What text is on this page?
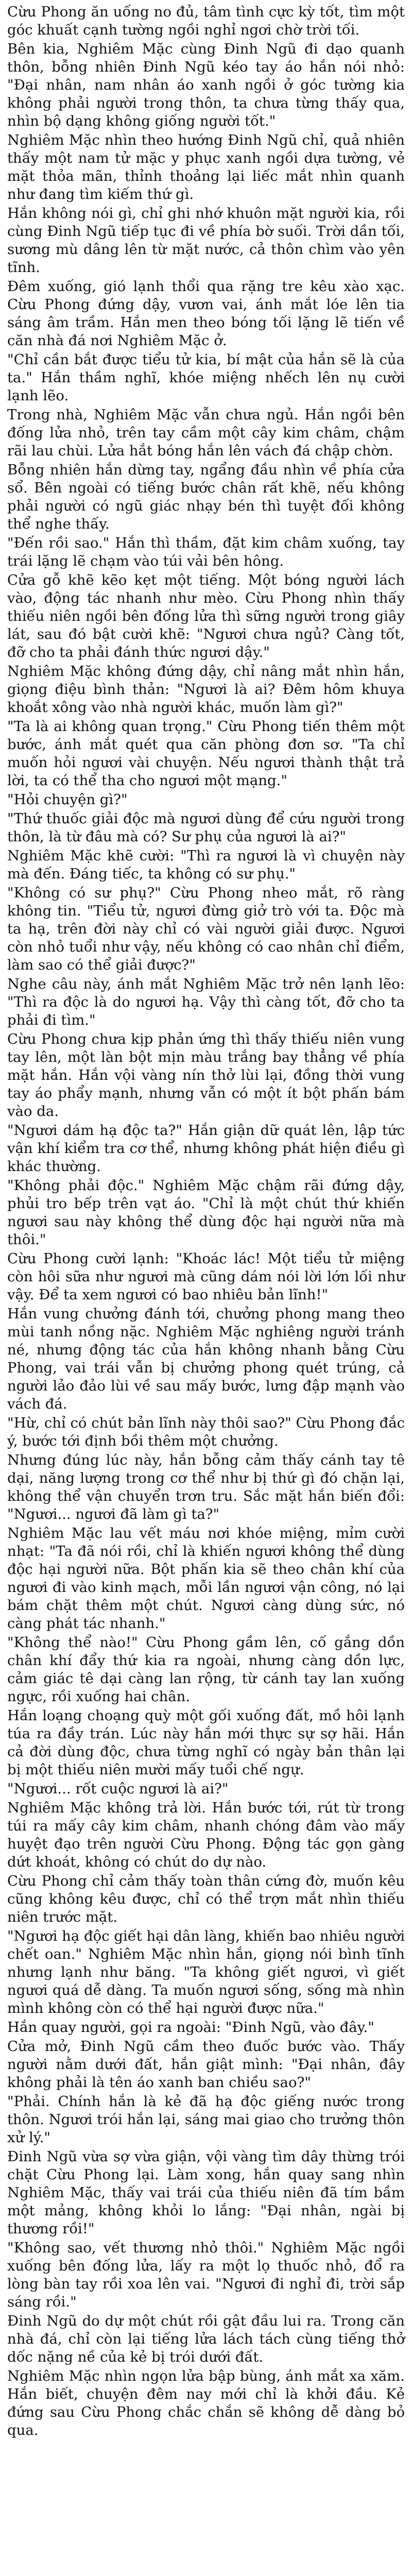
Cừu Phong ăn uống no đủ, tâm tình cực kỳ tốt, tìm một góc khuất cạnh tường ngồi nghỉ ngơi chờ trời tối.

Bên kia, Nghiêm Mặc cùng Đinh Ngũ đi dạo quanh thôn, bỗng nhiên Đinh Ngũ kéo tay áo hắn nói nhỏ: "Đại nhân, nam nhân áo xanh ngồi ở góc tường kia không phải người trong thôn, ta chưa từng thấy qua, nhìn bộ dạng không giống người tốt."

Nghiêm Mặc nhìn theo hướng Đinh Ngũ chỉ, quả nhiên thấy một nam tử mặc y phục xanh ngồi dựa tường, vẻ mặt thỏa mãn, thỉnh thoảng lại liếc mắt nhìn quanh như đang tìm kiếm thứ gì.

Hắn không nói gì, chỉ ghi nhớ khuôn mặt người kia, rồi cùng Đinh Ngũ tiếp tục đi về phía bờ suối. Trời dần tối, sương mù dâng lên từ mặt nước, cả thôn chìm vào yên tĩnh.

Đêm xuống, gió lạnh thổi qua rặng tre kêu xào xạc. Cừu Phong đứng dậy, vươn vai, ánh mắt lóe lên tia sáng âm trầm. Hắn men theo bóng tối lặng lẽ tiến về căn nhà đá nơi Nghiêm Mặc ở.

"Chỉ cần bắt được tiểu tử kia, bí mật của hắn sẽ là của ta." Hắn thầm nghĩ, khóe miệng nhếch lên nụ cười lạnh lẽo.

Trong nhà, Nghiêm Mặc vẫn chưa ngủ. Hắn ngồi bên đống lửa nhỏ, trên tay cầm một cây kim châm, chậm rãi lau chùi. Lửa hắt bóng hắn lên vách đá chập chờn.

Bỗng nhiên hắn dừng tay, ngẩng đầu nhìn về phía cửa sổ. Bên ngoài có tiếng bước chân rất khẽ, nếu không phải người có ngũ giác nhạy bén thì tuyệt đối không thể nghe thấy.

"Đến rồi sao." Hắn thì thầm, đặt kim châm xuống, tay trái lặng lẽ chạm vào túi vải bên hông.

Cửa gỗ khẽ kẽo kẹt một tiếng. Một bóng người lách vào, động tác nhanh như mèo. Cừu Phong nhìn thấy thiếu niên ngồi bên đống lửa thì sững người trong giây lát, sau đó bật cười khẽ: "Ngươi chưa ngủ? Càng tốt, đỡ cho ta phải đánh thức ngươi dậy."

Nghiêm Mặc không đứng dậy, chỉ nâng mắt nhìn hắn, giọng điệu bình thản: "Ngươi là ai? Đêm hôm khuya khoắt xông vào nhà người khác, muốn làm gì?"

"Ta là ai không quan trọng." Cừu Phong tiến thêm một bước, ánh mắt quét qua căn phòng đơn sơ. "Ta chỉ muốn hỏi ngươi vài chuyện. Nếu ngươi thành thật trả lời, ta có thể tha cho ngươi một mạng."

"Hỏi chuyện gì?"

"Thứ thuốc giải độc mà ngươi dùng để cứu người trong thôn, là từ đâu mà có? Sư phụ của ngươi là ai?"

Nghiêm Mặc khẽ cười: "Thì ra ngươi là vì chuyện này mà đến. Đáng tiếc, ta không có sư phụ."

"Không có sư phụ?" Cừu Phong nheo mắt, rõ ràng không tin. "Tiểu tử, ngươi đừng giở trò với ta. Độc mà ta hạ, trên đời này chỉ có vài người giải được. Ngươi còn nhỏ tuổi như vậy, nếu không có cao nhân chỉ điểm, làm sao có thể giải được?"

Nghe câu này, ánh mắt Nghiêm Mặc trở nên lạnh lẽo: "Thì ra độc là do ngươi hạ. Vậy thì càng tốt, đỡ cho ta phải đi tìm."

Cừu Phong chưa kịp phản ứng thì thấy thiếu niên vung tay lên, một làn bột mịn màu trắng bay thẳng về phía mặt hắn. Hắn vội vàng nín thở lùi lại, đồng thời vung tay áo phẩy mạnh, nhưng vẫn có một ít bột phấn bám vào da.

"Ngươi dám hạ độc ta?" Hắn giận dữ quát lên, lập tức vận khí kiểm tra cơ thể, nhưng không phát hiện điều gì khác thường.

"Không phải độc." Nghiêm Mặc chậm rãi đứng dậy, phủi tro bếp trên vạt áo. "Chỉ là một chút thứ khiến ngươi sau này không thể dùng độc hại người nữa mà thôi."

Cừu Phong cười lạnh: "Khoác lác! Một tiểu tử miệng còn hôi sữa như ngươi mà cũng dám nói lời lớn lối như vậy. Để ta xem ngươi có bao nhiêu bản lĩnh!"

Hắn vung chưởng đánh tới, chưởng phong mang theo mùi tanh nồng nặc. Nghiêm Mặc nghiêng người tránh né, nhưng động tác của hắn không nhanh bằng Cừu Phong, vai trái vẫn bị chưởng phong quét trúng, cả người lảo đảo lùi về sau mấy bước, lưng đập mạnh vào vách đá.

"Hừ, chỉ có chút bản lĩnh này thôi sao?" Cừu Phong đắc ý, bước tới định bồi thêm một chưởng.

Nhưng đúng lúc này, hắn bỗng cảm thấy cánh tay tê dại, năng lượng trong cơ thể như bị thứ gì đó chặn lại, không thể vận chuyển trơn tru. Sắc mặt hắn biến đổi: "Ngươi... ngươi đã làm gì ta?"

Nghiêm Mặc lau vết máu nơi khóe miệng, mỉm cười nhạt: "Ta đã nói rồi, chỉ là khiến ngươi không thể dùng độc hại người nữa. Bột phấn kia sẽ theo chân khí của ngươi đi vào kinh mạch, mỗi lần ngươi vận công, nó lại bám chặt thêm một chút. Ngươi càng dùng sức, nó càng phát tác nhanh."

"Không thể nào!" Cừu Phong gầm lên, cố gắng dồn chân khí đẩy thứ kia ra ngoài, nhưng càng dồn lực, cảm giác tê dại càng lan rộng, từ cánh tay lan xuống ngực, rồi xuống hai chân.

Hắn loạng choạng quỳ một gối xuống đất, mồ hôi lạnh túa ra đầy trán. Lúc này hắn mới thực sự sợ hãi. Hắn cả đời dùng độc, chưa từng nghĩ có ngày bản thân lại bị một thiếu niên mười mấy tuổi chế ngự.

"Ngươi... rốt cuộc ngươi là ai?"

Nghiêm Mặc không trả lời. Hắn bước tới, rút từ trong túi ra mấy cây kim châm, nhanh chóng đâm vào mấy huyệt đạo trên người Cừu Phong. Động tác gọn gàng dứt khoát, không có chút do dự nào.

Cừu Phong chỉ cảm thấy toàn thân cứng đờ, muốn kêu cũng không kêu được, chỉ có thể trợn mắt nhìn thiếu niên trước mặt.

"Ngươi hạ độc giết hại dân làng, khiến bao nhiêu người chết oan." Nghiêm Mặc nhìn hắn, giọng nói bình tĩnh nhưng lạnh như băng. "Ta không giết ngươi, vì giết ngươi quá dễ dàng. Ta muốn ngươi sống, sống mà nhìn mình không còn có thể hại người được nữa."

Hắn quay người, gọi ra ngoài: "Đinh Ngũ, vào đây."

Cửa mở, Đinh Ngũ cầm theo đuốc bước vào. Thấy người nằm dưới đất, hắn giật mình: "Đại nhân, đây không phải là tên áo xanh ban chiều sao?"

"Phải. Chính hắn là kẻ đã hạ độc giếng nước trong thôn. Ngươi trói hắn lại, sáng mai giao cho trưởng thôn xử lý."

Đinh Ngũ vừa sợ vừa giận, vội vàng tìm dây thừng trói chặt Cừu Phong lại. Làm xong, hắn quay sang nhìn Nghiêm Mặc, thấy vai trái của thiếu niên đã tím bầm một mảng, không khỏi lo lắng: "Đại nhân, ngài bị thương rồi!"

"Không sao, vết thương nhỏ thôi." Nghiêm Mặc ngồi xuống bên đống lửa, lấy ra một lọ thuốc nhỏ, đổ ra lòng bàn tay rồi xoa lên vai. "Ngươi đi nghỉ đi, trời sắp sáng rồi."

Đinh Ngũ do dự một chút rồi gật đầu lui ra. Trong căn nhà đá, chỉ còn lại tiếng lửa lách tách cùng tiếng thở dốc nặng nề của kẻ bị trói dưới đất.

Nghiêm Mặc nhìn ngọn lửa bập bùng, ánh mắt xa xăm. Hắn biết, chuyện đêm nay mới chỉ là khởi đầu. Kẻ đứng sau Cừu Phong chắc chắn sẽ không dễ dàng bỏ qua.
